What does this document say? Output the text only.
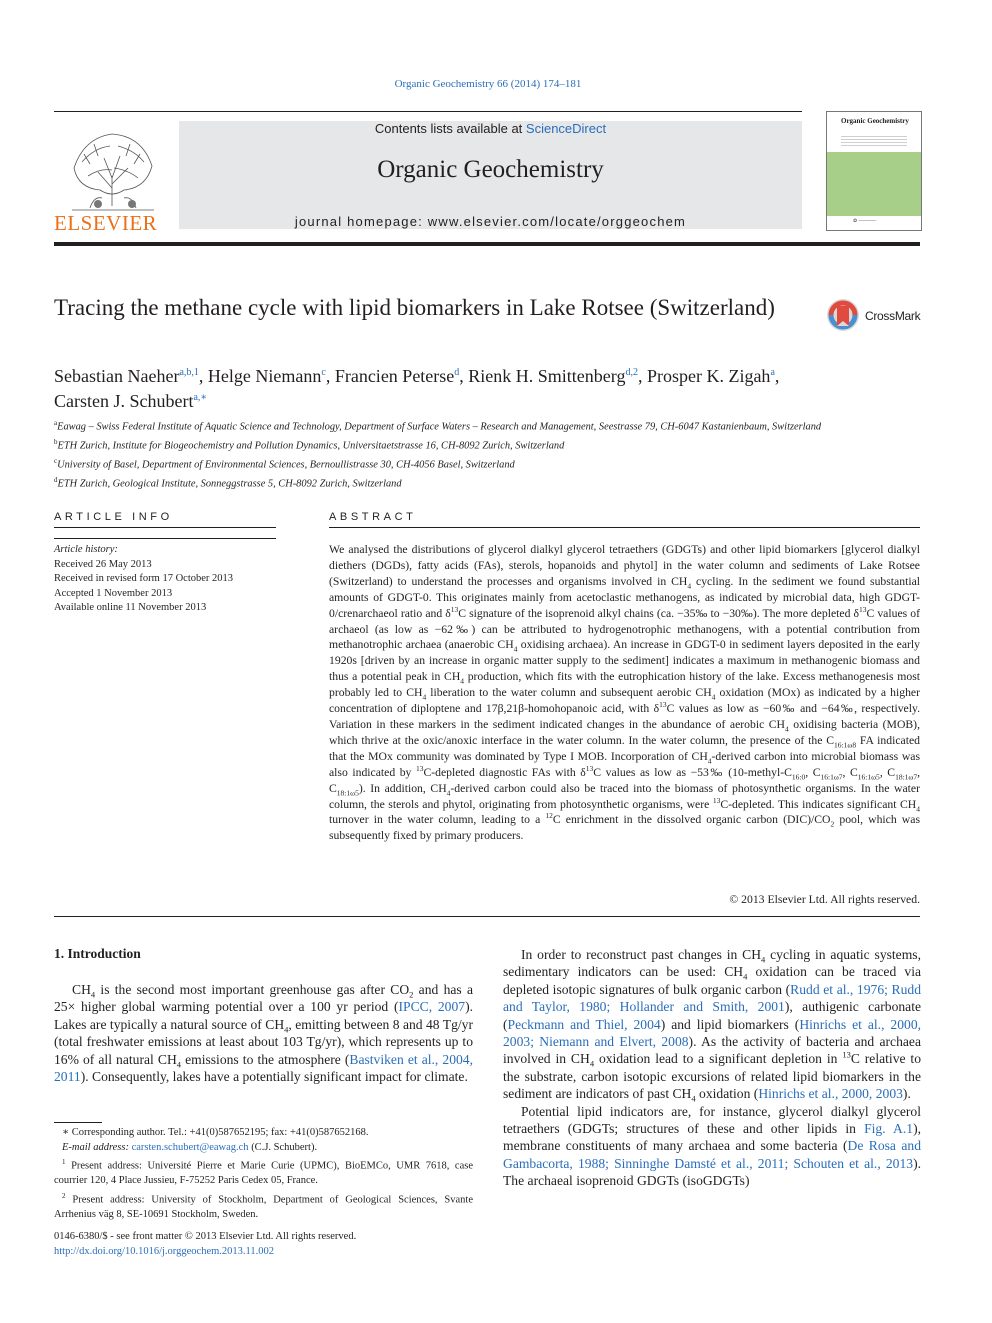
Organic Geochemistry 66 (2014) 174–181
ELSEVIER
Contents lists available at ScienceDirect
Organic Geochemistry
journal homepage: www.elsevier.com/locate/orggeochem
Organic Geochemistry
✿ ─────
Tracing the methane cycle with lipid biomarkers in Lake Rotsee (Switzerland)	CrossMark
Sebastian Naeher$^{a,b,1}$, Helge Niemann$^c$, Francien Peterse$^d$, Rienk H. Smittenberg$^{d,2}$, Prosper K. Zigah$^a$,
Carsten J. Schubert$^{a,∗}$
$^a$Eawag – Swiss Federal Institute of Aquatic Science and Technology, Department of Surface Waters – Research and Management, Seestrasse 79, CH-6047 Kastanienbaum, Switzerland
$^b$ETH Zurich, Institute for Biogeochemistry and Pollution Dynamics, Universitaetstrasse 16, CH-8092 Zurich, Switzerland
$^c$University of Basel, Department of Environmental Sciences, Bernoullistrasse 30, CH-4056 Basel, Switzerland
$^d$ETH Zurich, Geological Institute, Sonneggstrasse 5, CH-8092 Zurich, Switzerland
ARTICLE INFO
Article history:
Received 26 May 2013
Received in revised form 17 October 2013
Accepted 1 November 2013
Available online 11 November 2013
ABSTRACT
We analysed the distributions of glycerol dialkyl glycerol tetraethers (GDGTs) and other lipid biomarkers [glycerol dialkyl diethers (DGDs), fatty acids (FAs), sterols, hopanoids and phytol] in the water column and sediments of Lake Rotsee (Switzerland) to understand the processes and organisms involved in $CH_4$ cycling. In the sediment we found substantial amounts of GDGT-0. This originates mainly from acetoclastic methanogens, as indicated by microbial data, high GDGT-0/crenarchaeol ratio and $\delta^{13}C$ signature of the isoprenoid alkyl chains (ca. −35‰ to −30‰). The more depleted $\delta^{13}C$ values of archaeol (as low as −62‰) can be attributed to hydrogenotrophic methanogens, with a potential contribution from methanotrophic archaea (anaerobic $CH_4$ oxidising archaea). An increase in GDGT-0 in sediment layers deposited in the early 1920s [driven by an increase in organic matter supply to the sediment] indicates a maximum in methanogenic biomass and thus a potential peak in $CH_4$ production, which fits with the eutrophication history of the lake. Excess methanogenesis most probably led to $CH_4$ liberation to the water column and subsequent aerobic $CH_4$ oxidation (MOx) as indicated by a higher concentration of diploptene and 17β,21β-homohopanoic acid, with $\delta^{13}C$ values as low as −60‰ and −64‰, respectively. Variation in these markers in the sediment indicated changes in the abundance of aerobic $CH_4$ oxidising bacteria (MOB), which thrive at the oxic/anoxic interface in the water column. In the water column, the presence of the $C_{16:1\omega 8}$ FA indicated that the MOx community was dominated by Type I MOB. Incorporation of $CH_4$-derived carbon into microbial biomass was also indicated by $^{13}$C-depleted diagnostic FAs with $\delta^{13}C$ values as low as −53‰ ($10-methyl-C_{16:0}$, $C_{16:1\omega 7}$, $C_{16:1\omega 5}$, $C_{18:1\omega 7}$, $C_{18:1\omega 5}$). In addition, $CH_4$-derived carbon could also be traced into the biomass of photosynthetic organisms. In the water column, the sterols and phytol, originating from photosynthetic organisms, were $^{13}$C-depleted. This indicates significant $CH_4$ turnover in the water column, leading to a $^{12}$C enrichment in the dissolved organic carbon $(DIC)/CO_2$ pool, which was subsequently fixed by primary producers.
© 2013 Elsevier Ltd. All rights reserved.
1. Introduction

$CH_4$ is the second most important greenhouse gas after $CO_2$ and has a 25× higher global warming potential over a 100 yr period (IPCC, 2007). Lakes are typically a natural source of $CH_4$, emitting between 8 and 48 Tg/yr (total freshwater emissions at least about 103 Tg/yr), which represents up to 16% of all natural $CH_4$ emissions to the atmosphere (Bastviken et al., 2004, 2011). Consequently, lakes have a potentially significant impact for climate.

In order to reconstruct past changes in $CH_4$ cycling in aquatic systems, sedimentary indicators can be used: $CH_4$ oxidation can be traced via depleted isotopic signatures of bulk organic carbon (Rudd et al., 1976; Rudd and Taylor, 1980; Hollander and Smith, 2001), authigenic carbonate (Peckmann and Thiel, 2004) and lipid biomarkers (Hinrichs et al., 2000, 2003; Niemann and Elvert, 2008). As the activity of bacteria and archaea involved in $CH_4$ oxidation lead to a significant depletion in $^{13}$C relative to the substrate, carbon isotopic excursions of related lipid biomarkers in the sediment are indicators of past $CH_4$ oxidation (Hinrichs et al., 2000, 2003).

Potential lipid indicators are, for instance, glycerol dialkyl glycerol tetraethers (GDGTs; structures of these and other lipids in Fig. A.1), membrane constituents of many archaea and some bacteria (De Rosa and Gambacorta, 1988; Sinninghe Damsté et al., 2011; Schouten et al., 2013). The archaeal isoprenoid GDGTs (isoGDGTs)

∗ Corresponding author. Tel.: +41(0)587652195; fax: +41(0)587652168.

E-mail address: carsten.schubert@eawag.ch (C.J. Schubert).

$^1$ Present address: Université Pierre et Marie Curie (UPMC), BioEMCo, UMR 7618, case courrier 120, 4 Place Jussieu, F-75252 Paris Cedex 05, France.

$^2$ Present address: University of Stockholm, Department of Geological Sciences, Svante Arrhenius väg 8, SE-10691 Stockholm, Sweden.

0146-6380/$ - see front matter © 2013 Elsevier Ltd. All rights reserved.
http://dx.doi.org/10.1016/j.orggeochem.2013.11.002
